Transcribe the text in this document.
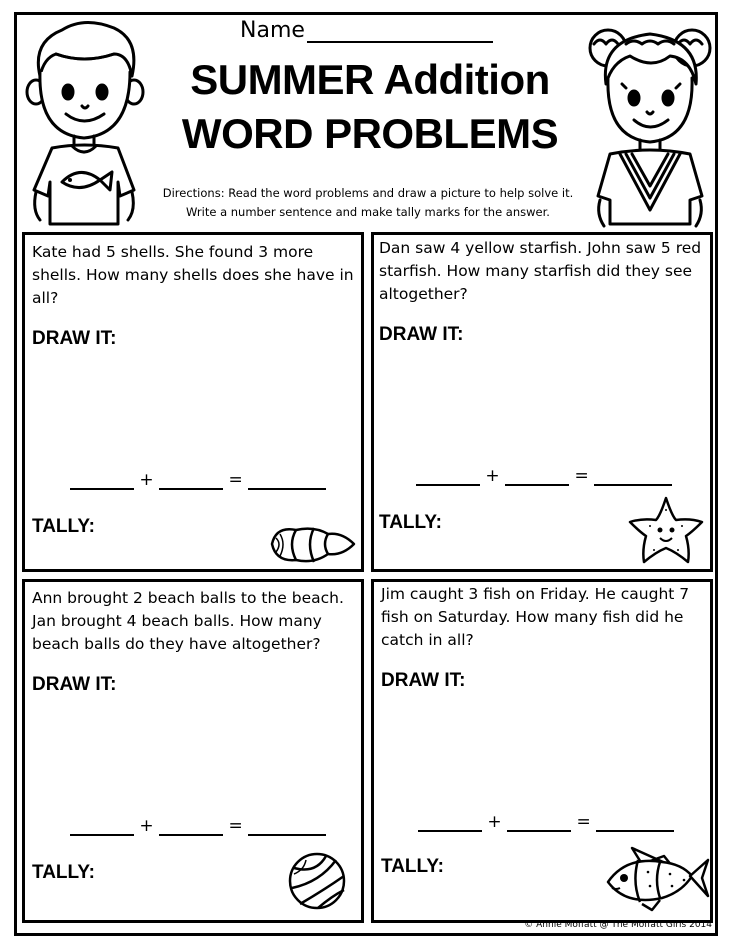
Name
SUMMER Addition
WORD PROBLEMS
Directions: Read the word problems and draw a picture to help solve it.
Write a number sentence and make tally marks for the answer.
Kate had 5 shells. She found 3 more shells. How many shells does she have in all?
DRAW IT:
+	=
TALLY:
Dan saw 4 yellow starfish. John saw 5 red starfish. How many starfish did they see altogether?
DRAW IT:
+	=
TALLY:
Ann brought 2 beach balls to the beach. Jan brought 4 beach balls. How many beach balls do they have altogether?
DRAW IT:
+	=
TALLY:
Jim caught 3 fish on Friday. He caught 7 fish on Saturday. How many fish did he catch in all?
DRAW IT:
+	=
TALLY:
© Annie Moffatt @ The Moffatt Girls 2014
